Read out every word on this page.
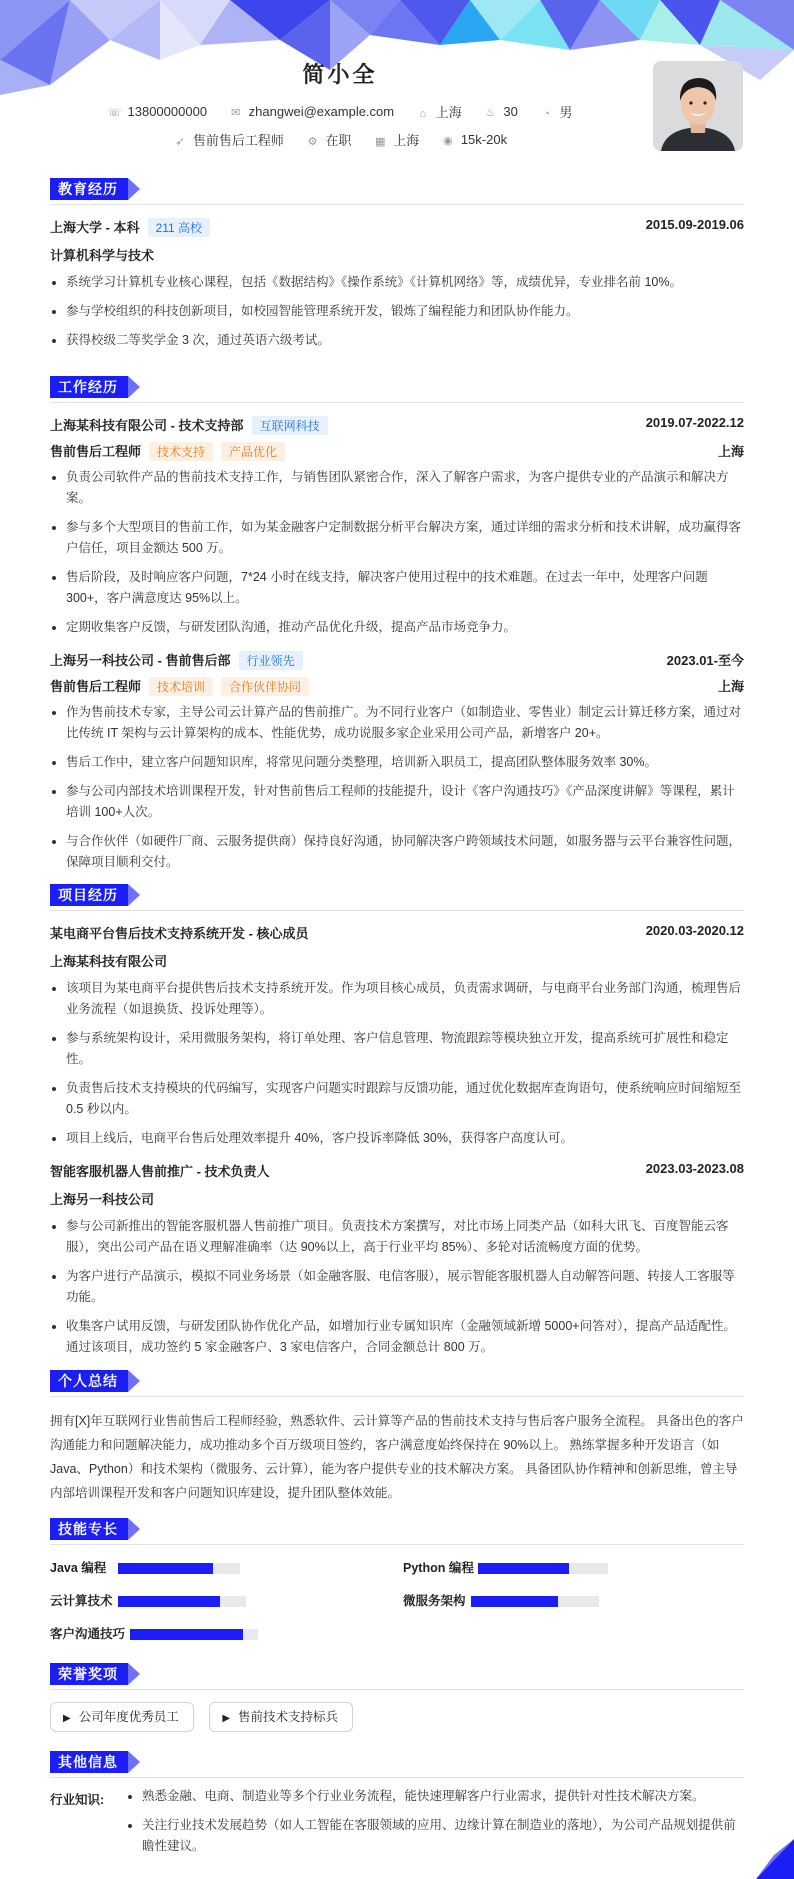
简小全
☏ 13800000000 ✉ zhangwei@example.com ⌂ 上海 ♨ 30 ◔ 男
➶ 售前售后工程师 ⚙ 在职 ▦ 上海 ◉ 15k-20k
教育经历
上海大学 - 本科 211 高校	2015.09-2019.06
计算机科学与技术
• 系统学习计算机专业核心课程，包括《数据结构》《操作系统》《计算机网络》等，成绩优异，专业排名前 10%。
• 参与学校组织的科技创新项目，如校园智能管理系统开发，锻炼了编程能力和团队协作能力。
• 获得校级二等奖学金 3 次，通过英语六级考试。
工作经历
上海某科技有限公司 - 技术支持部 互联网科技	2019.07-2022.12
售前售后工程师 技术支持 产品优化	上海
• 负责公司软件产品的售前技术支持工作，与销售团队紧密合作，深入了解客户需求，为客户提供专业的产品演示和解决方案。
• 参与多个大型项目的售前工作，如为某金融客户定制数据分析平台解决方案，通过详细的需求分析和技术讲解，成功赢得客户信任，项目金额达 500 万。
• 售后阶段，及时响应客户问题，7*24 小时在线支持，解决客户使用过程中的技术难题。在过去一年中，处理客户问题 300+，客户满意度达 95%以上。
• 定期收集客户反馈，与研发团队沟通，推动产品优化升级，提高产品市场竞争力。
上海另一科技公司 - 售前售后部 行业领先	2023.01-至今
售前售后工程师 技术培训 合作伙伴协同	上海
• 作为售前技术专家，主导公司云计算产品的售前推广。为不同行业客户（如制造业、零售业）制定云计算迁移方案，通过对比传统 IT 架构与云计算架构的成本、性能优势，成功说服多家企业采用公司产品，新增客户 20+。
• 售后工作中，建立客户问题知识库，将常见问题分类整理，培训新入职员工，提高团队整体服务效率 30%。
• 参与公司内部技术培训课程开发，针对售前售后工程师的技能提升，设计《客户沟通技巧》《产品深度讲解》等课程，累计培训 100+人次。
• 与合作伙伴（如硬件厂商、云服务提供商）保持良好沟通，协同解决客户跨领域技术问题，如服务器与云平台兼容性问题，保障项目顺利交付。
项目经历
某电商平台售后技术支持系统开发 - 核心成员	2020.03-2020.12
上海某科技有限公司
• 该项目为某电商平台提供售后技术支持系统开发。作为项目核心成员，负责需求调研，与电商平台业务部门沟通，梳理售后业务流程（如退换货、投诉处理等）。
• 参与系统架构设计，采用微服务架构，将订单处理、客户信息管理、物流跟踪等模块独立开发，提高系统可扩展性和稳定性。
• 负责售后技术支持模块的代码编写，实现客户问题实时跟踪与反馈功能，通过优化数据库查询语句，使系统响应时间缩短至 0.5 秒以内。
• 项目上线后，电商平台售后处理效率提升 40%，客户投诉率降低 30%，获得客户高度认可。
智能客服机器人售前推广 - 技术负责人	2023.03-2023.08
上海另一科技公司
• 参与公司新推出的智能客服机器人售前推广项目。负责技术方案撰写，对比市场上同类产品（如科大讯飞、百度智能云客服），突出公司产品在语义理解准确率（达 90%以上，高于行业平均 85%）、多轮对话流畅度方面的优势。
• 为客户进行产品演示，模拟不同业务场景（如金融客服、电信客服），展示智能客服机器人自动解答问题、转接人工客服等功能。
• 收集客户试用反馈，与研发团队协作优化产品，如增加行业专属知识库（金融领域新增 5000+问答对），提高产品适配性。通过该项目，成功签约 5 家金融客户、3 家电信客户，合同金额总计 800 万。
个人总结
拥有[X]年互联网行业售前售后工程师经验，熟悉软件、云计算等产品的售前技术支持与售后客户服务全流程。 具备出色的客户沟通能力和问题解决能力，成功推动多个百万级项目签约，客户满意度始终保持在 90%以上。 熟练掌握多种开发语言（如 Java、Python）和技术架构（微服务、云计算），能为客户提供专业的技术解决方案。 具备团队协作精神和创新思维，曾主导内部培训课程开发和客户问题知识库建设，提升团队整体效能。
技能专长
Java 编程	Python 编程
云计算技术	微服务架构
客户沟通技巧
荣誉奖项
▶ 公司年度优秀员工	▶ 售前技术支持标兵
其他信息
行业知识:
•	熟悉金融、电商、制造业等多个行业业务流程，能快速理解客户行业需求，提供针对性技术解决方案。
• 关注行业技术发展趋势（如人工智能在客服领域的应用、边缘计算在制造业的落地），为公司产品规划提供前瞻性建议。
